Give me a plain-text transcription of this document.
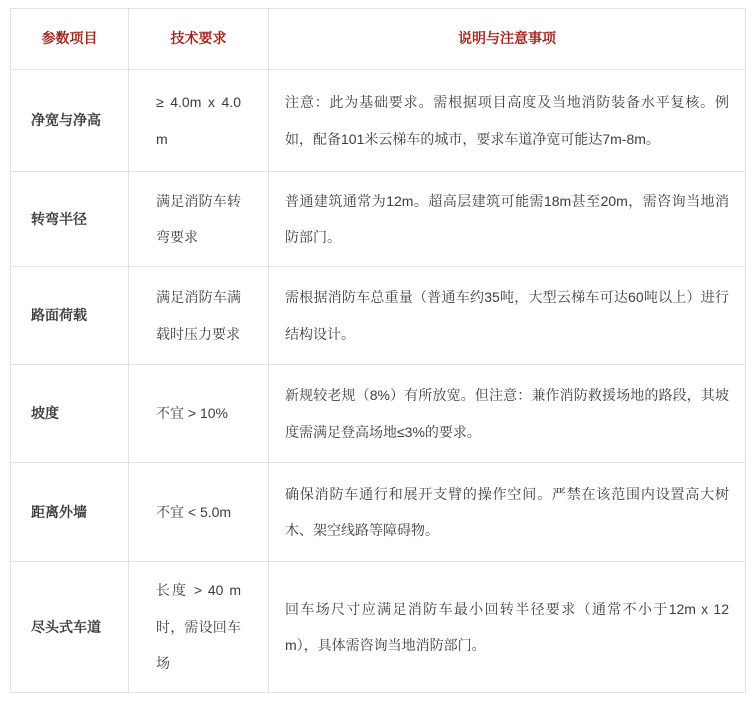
参数项目	技术要求	说明与注意事项
净宽与净高	≥ 4.0m x 4.0m	注意：此为基础要求。需根据项目高度及当地消防装备水平复核。例如，配备101米云梯车的城市，要求车道净宽可能达7m-8m。
转弯半径	满足消防车转弯要求	普通建筑通常为12m。超高层建筑可能需18m甚至20m，需咨询当地消防部门。
路面荷载	满足消防车满载时压力要求	需根据消防车总重量（普通车约35吨，大型云梯车可达60吨以上）进行结构设计。
坡度	不宜 > 10%	新规较老规（8%）有所放宽。但注意：兼作消防救援场地的路段，其坡度需满足登高场地≤3%的要求。
距离外墙	不宜 < 5.0m	确保消防车通行和展开支臂的操作空间。严禁在该范围内设置高大树木、架空线路等障碍物。
尽头式车道	长度 > 40 m 时，需设回车场	回车场尺寸应满足消防车最小回转半径要求（通常不小于12m x 12 m），具体需咨询当地消防部门。
